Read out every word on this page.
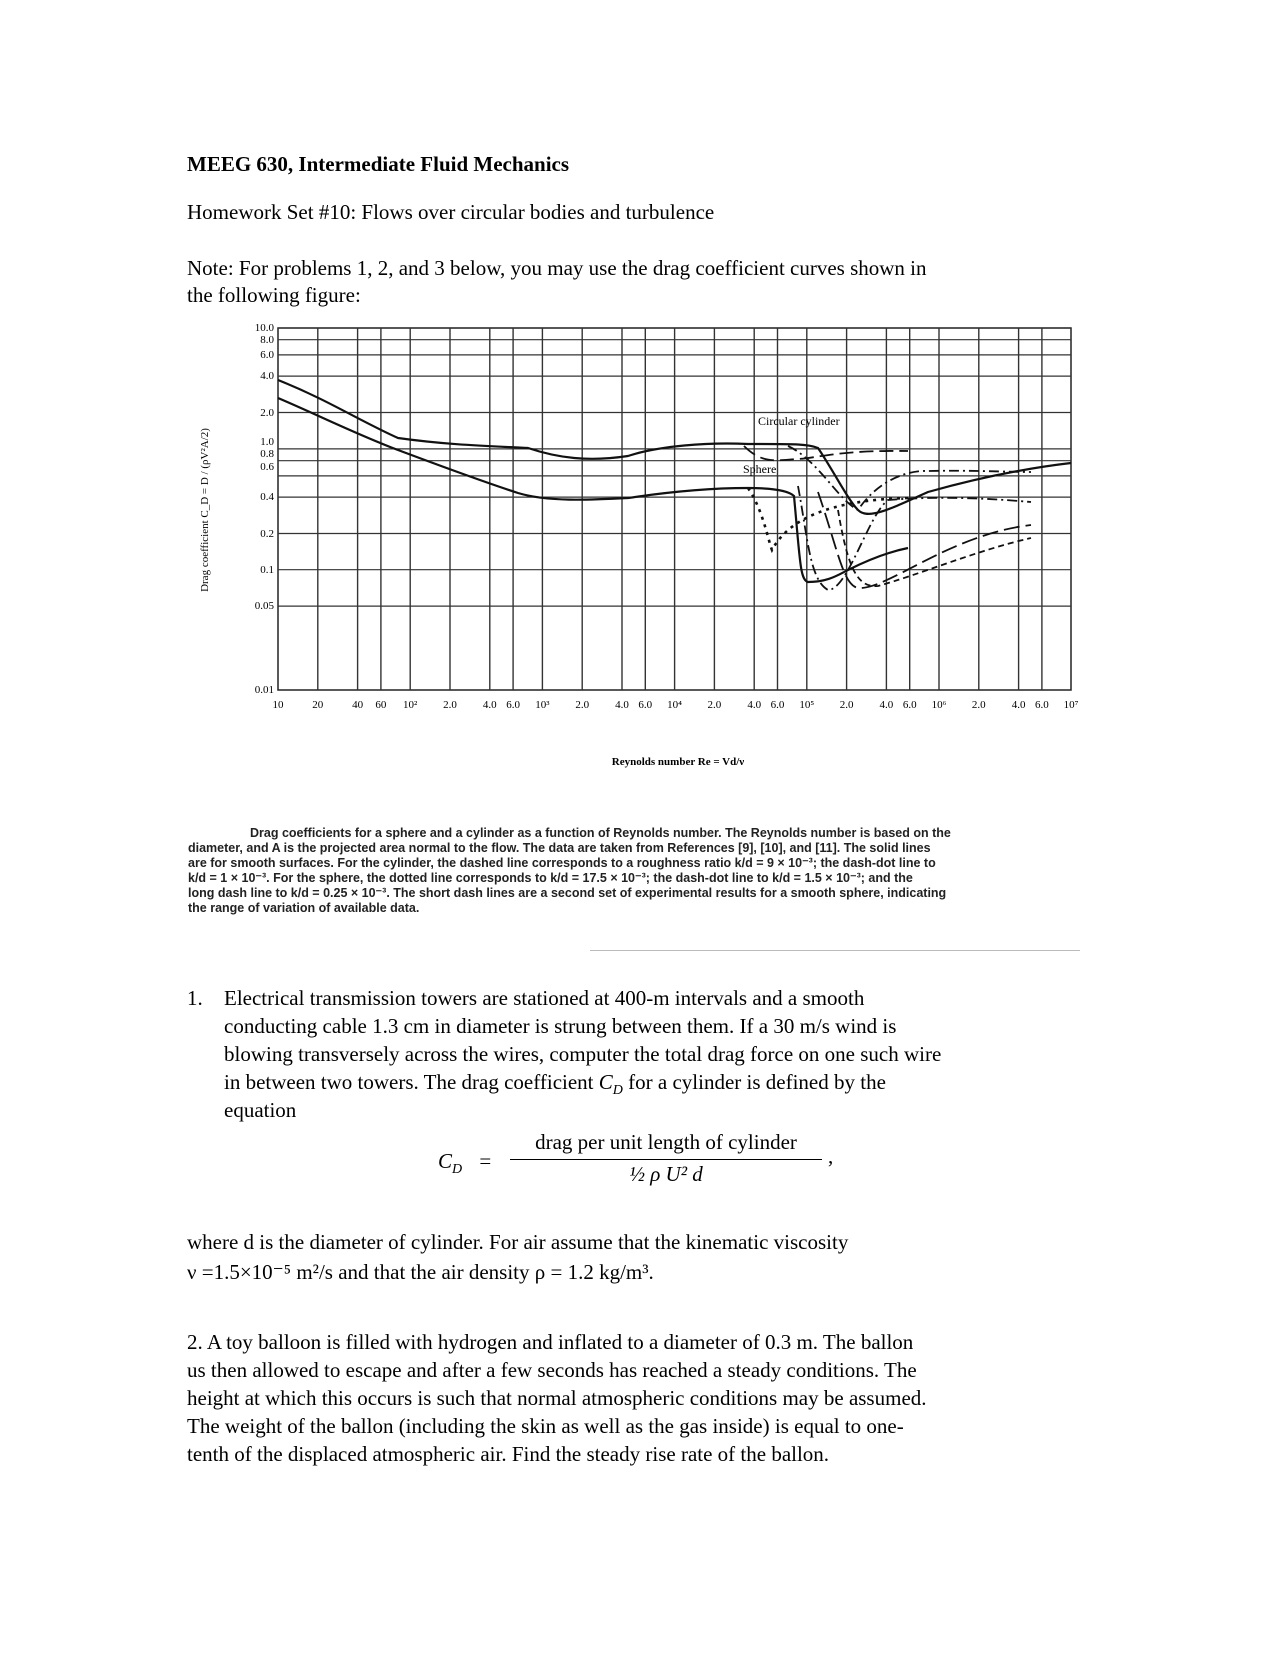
MEEG 630, Intermediate Fluid Mechanics
Homework Set #10: Flows over circular bodies and turbulence
Note: For problems 1, 2, and 3 below, you may use the drag coefficient curves shown in
the following figure:
Circular cylinder
Sphere
10.0
8.0
6.0
4.0
2.0
1.0
0.8
0.6
0.4
0.2
0.1
0.05
0.01
10	20	40 60 10² 2.0 4.0 6.0 10³ 2.0 4.0 6.0 10⁴ 2.0 4.0 6.0 10⁵ 2.0 4.0 6.0 10⁶ 2.0 4.0 6.0 10⁷
Drag coefficient C_D = D / (ρV²A/2)
Reynolds number Re = Vd/ν

Drag coefficients for a sphere and a cylinder as a function of Reynolds number. The Reynolds number is based on the

diameter, and A is the projected area normal to the flow. The data are taken from References [9], [10], and [11]. The solid lines

are for smooth surfaces. For the cylinder, the dashed line corresponds to a roughness ratio k/d = 9 × 10⁻³; the dash-dot line to

k/d = 1 × 10⁻³. For the sphere, the dotted line corresponds to k/d = 17.5 × 10⁻³; the dash-dot line to k/d = 1.5 × 10⁻³; and the

long dash line to k/d = 0.25 × 10⁻³. The short dash lines are a second set of experimental results for a smooth sphere, indicating

the range of variation of available data.

1. Electrical transmission towers are stationed at 400-m intervals and a smooth
conducting cable 1.3 cm in diameter is strung between them. If a 30 m/s wind is
blowing transversely across the wires, computer the total drag force on one such wire
in between two towers. The drag coefficient $C_D$ for a cylinder is defined by the
equation
$C_D$ =
drag per unit length of cylinder
½ ρ U² d
,
where d is the diameter of cylinder. For air assume that the kinematic viscosity
ν =1.5×10⁻⁵ m²/s and that the air density ρ = 1.2 kg/m³.
2. A toy balloon is filled with hydrogen and inflated to a diameter of 0.3 m. The ballon
us then allowed to escape and after a few seconds has reached a steady conditions. The
height at which this occurs is such that normal atmospheric conditions may be assumed.
The weight of the ballon (including the skin as well as the gas inside) is equal to one-
tenth of the displaced atmospheric air. Find the steady rise rate of the ballon.
